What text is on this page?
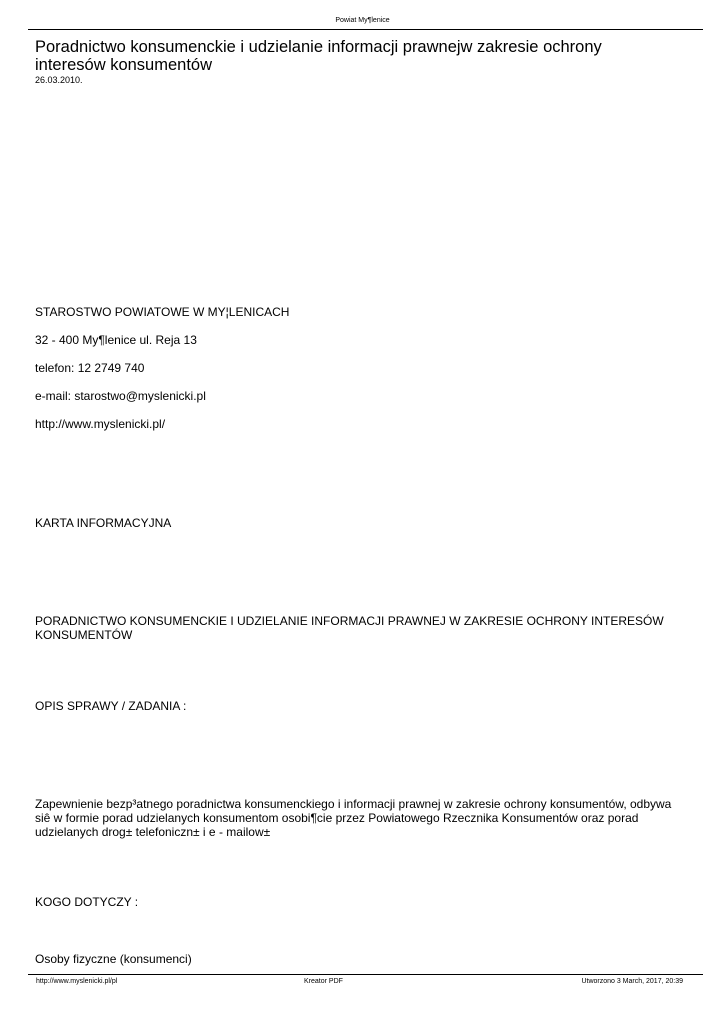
Powiat My¶lenice
Poradnictwo konsumenckie i udzielanie informacji prawnejw zakresie ochrony interesów konsumentów
26.03.2010.

STAROSTWO POWIATOWE W MY¦LENICACH

32 - 400 My¶lenice ul. Reja 13

telefon: 12 2749 740

e-mail: starostwo@myslenicki.pl

http://www.myslenicki.pl/

KARTA INFORMACYJNA

PORADNICTWO KONSUMENCKIE I UDZIELANIE INFORMACJI PRAWNEJ W ZAKRESIE OCHRONY INTERESÓW KONSUMENTÓW

OPIS SPRAWY / ZADANIA :

Zapewnienie bezp³atnego poradnictwa konsumenckiego i informacji prawnej w zakresie ochrony konsumentów, odbywa siê w formie porad udzielanych konsumentom osobi¶cie przez Powiatowego Rzecznika Konsumentów oraz porad udzielanych drog± telefoniczn± i e - mailow±

KOGO DOTYCZY :

Osoby fizyczne (konsumenci)

http://www.myslenicki.pl/pl	Kreator PDF	Utworzono 3 March, 2017, 20:39
